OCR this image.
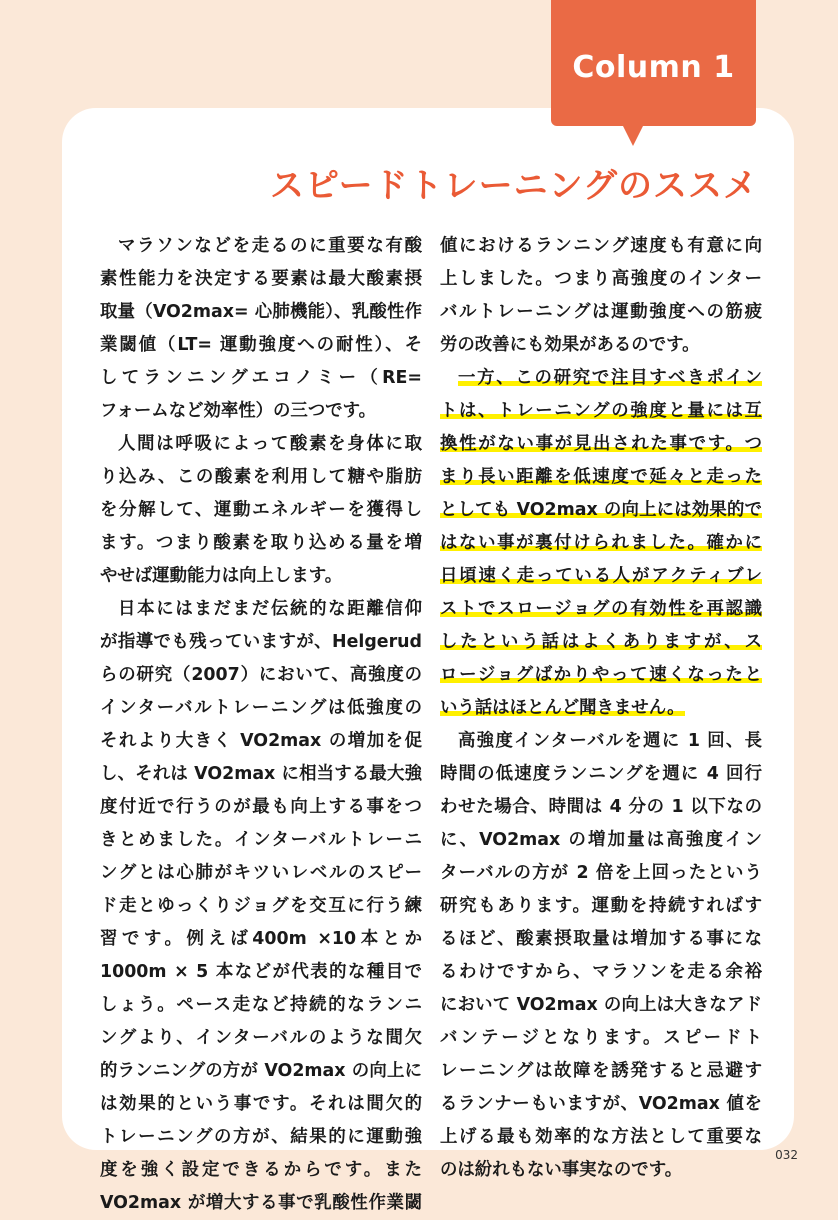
Column 1
スピードトレーニングのススメ
マラソンなどを走るのに重要な有酸
素性能力を決定する要素は最大酸素摂
取量（VO2max= 心肺機能）、乳酸性作
業閾値（LT= 運動強度への耐性）、そ
してランニングエコノミー（RE=
フォームなど効率性）の三つです。
人間は呼吸によって酸素を身体に取
り込み、この酸素を利用して糖や脂肪
を分解して、運動エネルギーを獲得し
ます。つまり酸素を取り込める量を増
やせば運動能力は向上します。
日本にはまだまだ伝統的な距離信仰
が指導でも残っていますが、Helgerud
らの研究（2007）において、高強度の
インターバルトレーニングは低強度の
それより大きく VO2max の増加を促
し、それは VO2max に相当する最大強
度付近で行うのが最も向上する事をつ
きとめました。インターバルトレーニ
ングとは心肺がキツいレベルのスピー
ド走とゆっくりジョグを交互に行う練
習です。例えば400m ×10本とか
1000m × 5 本などが代表的な種目で
しょう。ペース走など持続的なランニ
ングより、インターバルのような間欠
的ランニングの方が VO2max の向上に
は効果的という事です。それは間欠的
トレーニングの方が、結果的に運動強
度を強く設定できるからです。また
VO2max が増大する事で乳酸性作業閾
値におけるランニング速度も有意に向
上しました。つまり高強度のインター
バルトレーニングは運動強度への筋疲
労の改善にも効果があるのです。
一方、この研究で注目すべきポイン
トは、トレーニングの強度と量には互
換性がない事が見出された事です。つ
まり長い距離を低速度で延々と走った
としても VO2max の向上には効果的で
はない事が裏付けられました。確かに
日頃速く走っている人がアクティブレ
ストでスロージョグの有効性を再認識
したという話はよくありますが、ス
ロージョグばかりやって速くなったと
いう話はほとんど聞きません。
高強度インターバルを週に 1 回、長
時間の低速度ランニングを週に 4 回行
わせた場合、時間は 4 分の 1 以下なの
に、VO2max の増加量は高強度イン
ターバルの方が 2 倍を上回ったという
研究もあります。運動を持続すればす
るほど、酸素摂取量は増加する事にな
るわけですから、マラソンを走る余裕
において VO2max の向上は大きなアド
バンテージとなります。スピードト
レーニングは故障を誘発すると忌避す
るランナーもいますが、VO2max 値を
上げる最も効率的な方法として重要な
のは紛れもない事実なのです。
032
